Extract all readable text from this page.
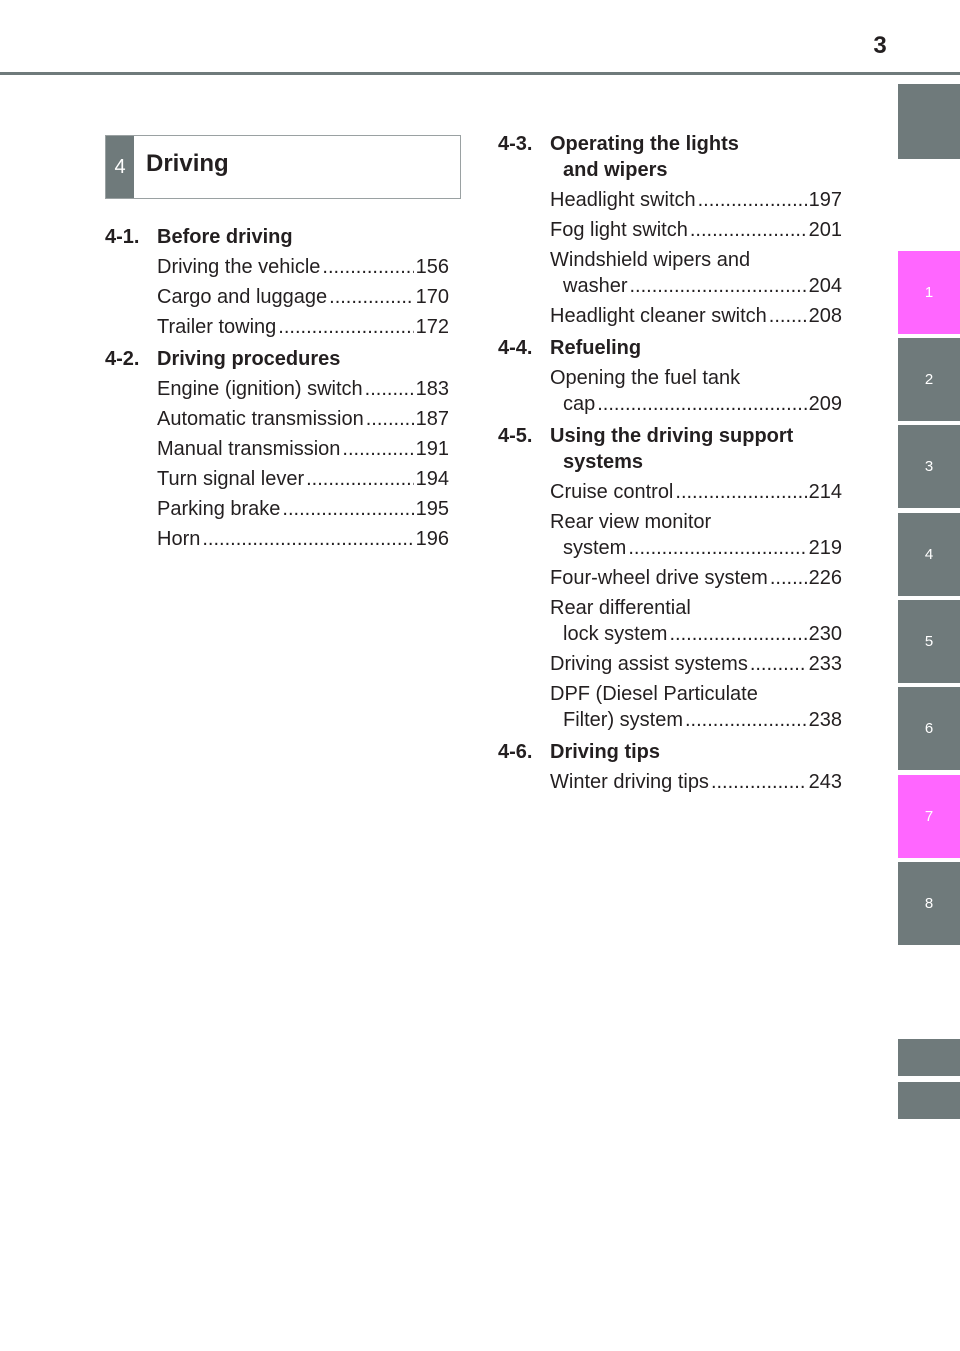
3
1
2
3
4
5
6
7
8
4 Driving
4-1. Before driving
Driving the vehicle .....	156
Cargo and luggage .....	170
Trailer towing .....	172
4-2. Driving procedures
Engine (ignition) switch .....	183
Automatic transmission .....	187
Manual transmission .....	191
Turn signal lever .....	194
Parking brake .....	195
Horn .....	196
4-3. Operating the lights

and wipers
Headlight switch .....	197
Fog light switch .....	201
Windshield wipers and
washer .....	204
Headlight cleaner switch ..... 208
4-4. Refueling
Opening the fuel tank
cap .....	209
4-5. Using the driving support

systems
Cruise control .....	214
Rear view monitor
system .....	219
Four-wheel drive system ..... 226
Rear differential
lock system .....	230
Driving assist systems .....	233
DPF (Diesel Particulate
Filter) system .....	238
4-6. Driving tips
Winter driving tips .....	243
